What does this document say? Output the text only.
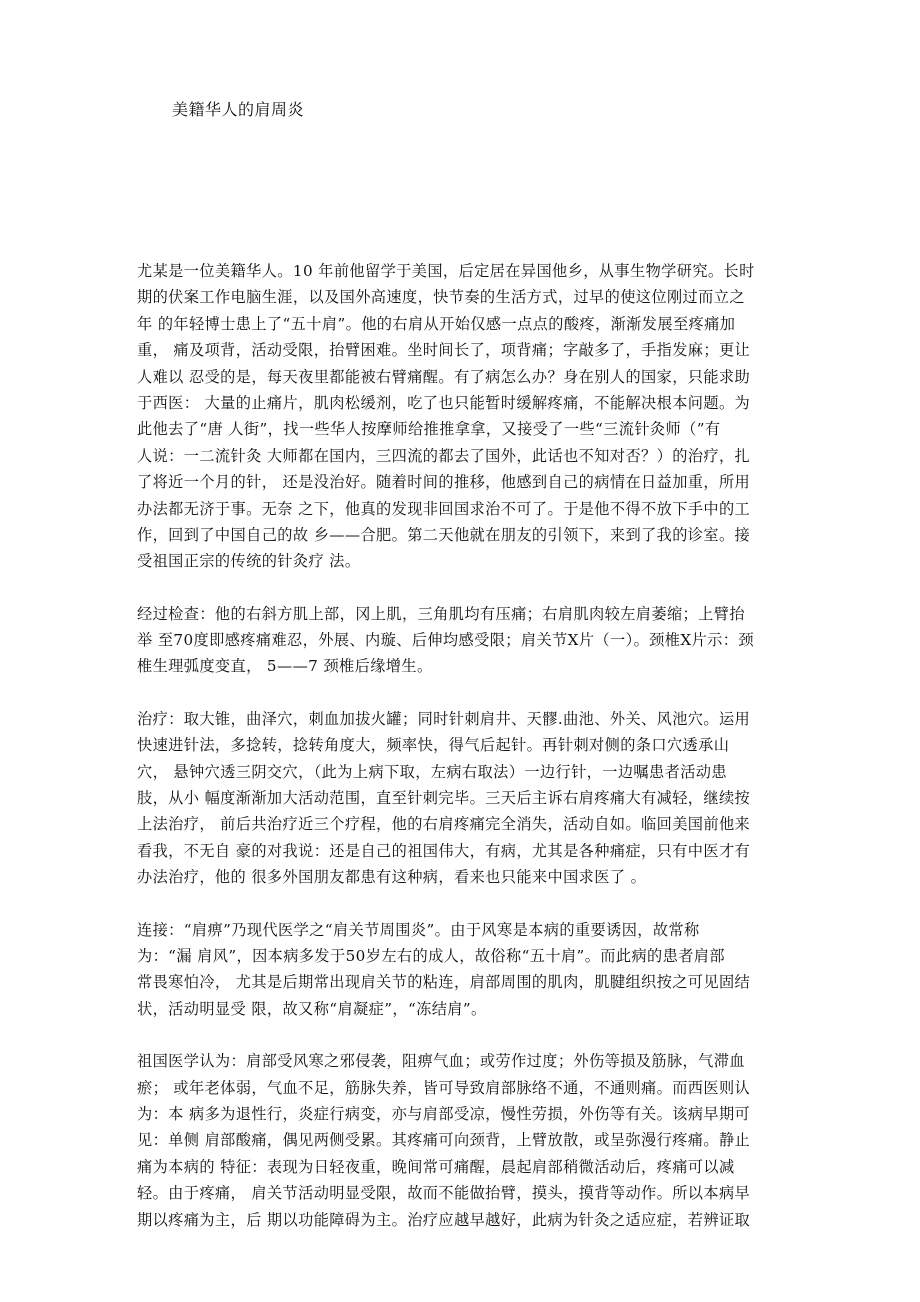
美籍华人的肩周炎
尤某是一位美籍华人。10 年前他留学于美国，后定居在异国他乡，从事生物学研究。长时
期的伏案工作电脑生涯，以及国外高速度，快节奏的生活方式，过早的使这位刚过而立之
年 的年轻博士患上了“五十肩”。他的右肩从开始仅感一点点的酸疼，渐渐发展至疼痛加
重， 痛及项背，活动受限，抬臂困难。坐时间长了，项背痛；字敲多了，手指发麻；更让
人难以 忍受的是，每天夜里都能被右臂痛醒。有了病怎么办？身在别人的国家，只能求助
于西医： 大量的止痛片，肌肉松缓剂，吃了也只能暂时缓解疼痛，不能解决根本问题。为
此他去了“唐 人街”，找一些华人按摩师给推推拿拿，又接受了一些“三流针灸师（”有
人说：一二流针灸 大师都在国内，三四流的都去了国外，此话也不知对否？）的治疗，扎
了将近一个月的针， 还是没治好。随着时间的推移，他感到自己的病情在日益加重，所用
办法都无济于事。无奈 之下，他真的发现非回国求治不可了。于是他不得不放下手中的工
作，回到了中国自己的故 乡——合肥。第二天他就在朋友的引领下，来到了我的诊室。接
受祖国正宗的传统的针灸疗 法。
经过检查：他的右斜方肌上部，冈上肌，三角肌均有压痛；右肩肌肉较左肩萎缩；上臂抬
举 至70度即感疼痛难忍，外展、内璇、后伸均感受限；肩关节X片（一）。颈椎X片示：颈
椎生理弧度变直， 5——7 颈椎后缘增生。
治疗：取大锥，曲泽穴，刺血加拔火罐；同时针刺肩井、天髎.曲池、外关、风池穴。运用
快速进针法，多捻转，捻转角度大，频率快，得气后起针。再针刺对侧的条口穴透承山
穴， 悬钟穴透三阴交穴，（此为上病下取，左病右取法）一边行针，一边嘱患者活动患
肢，从小 幅度渐渐加大活动范围，直至针刺完毕。三天后主诉右肩疼痛大有减轻，继续按
上法治疗， 前后共治疗近三个疗程，他的右肩疼痛完全消失，活动自如。临回美国前他来
看我，不无自 豪的对我说：还是自己的祖国伟大，有病，尤其是各种痛症，只有中医才有
办法治疗，他的 很多外国朋友都患有这种病，看来也只能来中国求医了 。
连接：“肩痹”乃现代医学之“肩关节周围炎”。由于风寒是本病的重要诱因，故常称
为：“漏 肩风”，因本病多发于50岁左右的成人，故俗称“五十肩”。而此病的患者肩部
常畏寒怕冷， 尤其是后期常出现肩关节的粘连，肩部周围的肌肉，肌腱组织按之可见固结
状，活动明显受 限，故又称“肩凝症”，“冻结肩”。
祖国医学认为：肩部受风寒之邪侵袭，阻痹气血；或劳作过度；外伤等损及筋脉，气滞血
瘀； 或年老体弱，气血不足，筋脉失养，皆可导致肩部脉络不通，不通则痛。而西医则认
为：本 病多为退性行，炎症行病变，亦与肩部受凉，慢性劳损，外伤等有关。该病早期可
见：单侧 肩部酸痛，偶见两侧受累。其疼痛可向颈背，上臂放散，或呈弥漫行疼痛。静止
痛为本病的 特征：表现为日轻夜重，晚间常可痛醒，晨起肩部稍微活动后，疼痛可以减
轻。由于疼痛， 肩关节活动明显受限，故而不能做抬臂，摸头，摸背等动作。所以本病早
期以疼痛为主，后 期以功能障碍为主。治疗应越早越好，此病为针灸之适应症，若辨证取
